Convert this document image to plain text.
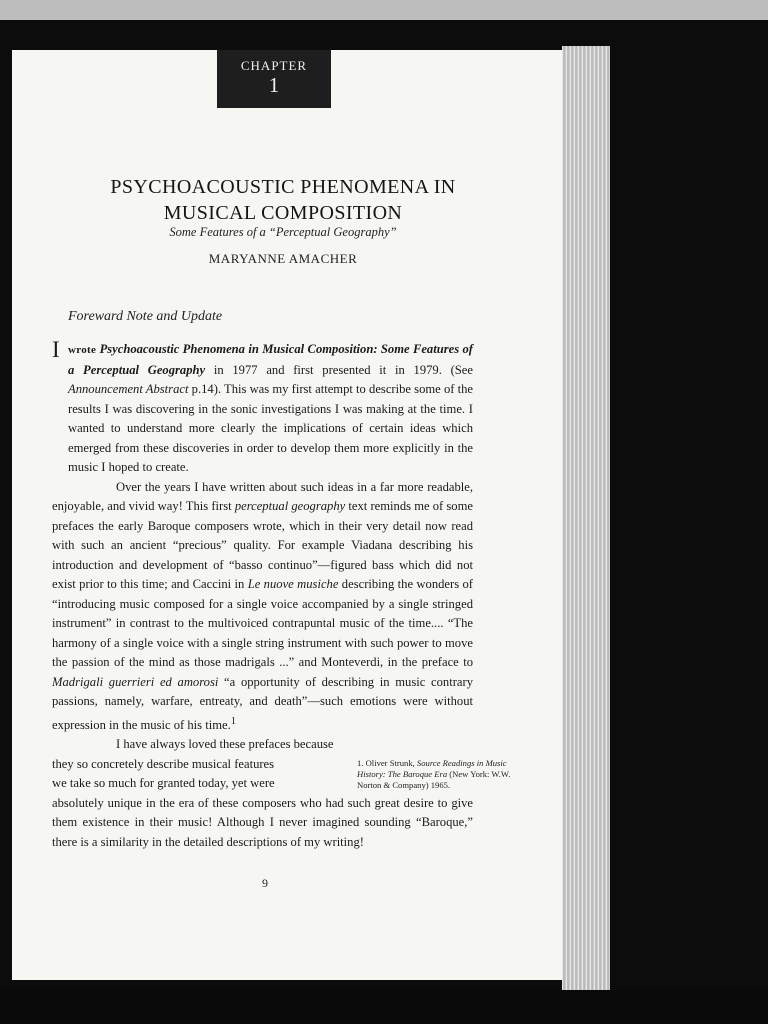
CHAPTER
1
PSYCHOACOUSTIC PHENOMENA IN
MUSICAL COMPOSITION
Some Features of a “Perceptual Geography”
MARYANNE AMACHER
Foreward Note and Update

I wrote Psychoacoustic Phenomena in Musical Composition: Some Features of a Perceptual Geography in 1977 and first presented it in 1979. (See Announcement Abstract p.14). This was my first attempt to describe some of the results I was discovering in the sonic investigations I was making at the time. I wanted to understand more clearly the implications of certain ideas which emerged from these discoveries in order to develop them more explicitly in the music I hoped to create.

Over the years I have written about such ideas in a far more readable, enjoyable, and vivid way! This first perceptual geography text reminds me of some prefaces the early Baroque composers wrote, which in their very detail now read with such an ancient “precious” quality. For example Viadana describing his introduction and development of “basso continuo”—figured bass which did not exist prior to this time; and Caccini in Le nuove musiche describing the wonders of “introducing music composed for a single voice accompanied by a single stringed instrument” in contrast to the multivoiced contrapuntal music of the time.... “The harmony of a single voice with a single string instrument with such power to move the passion of the mind as those madrigals ...” and Monteverdi, in the preface to Madrigali guerrieri ed amorosi “a opportunity of describing in music contrary passions, namely, warfare, entreaty, and death”—such emotions were without expression in the music of his time.$^1$

I have always loved these prefaces because
they so concretely describe musical features
we take so much for granted today, yet were

absolutely unique in the era of these composers who had such great desire to give them existence in their music! Although I never imagined sounding “Baroque,” there is a similarity in the detailed descriptions of my writing!

1. Oliver Strunk, Source Readings in Music History: The Baroque Era (New York: W.W. Norton & Company) 1965.
9
